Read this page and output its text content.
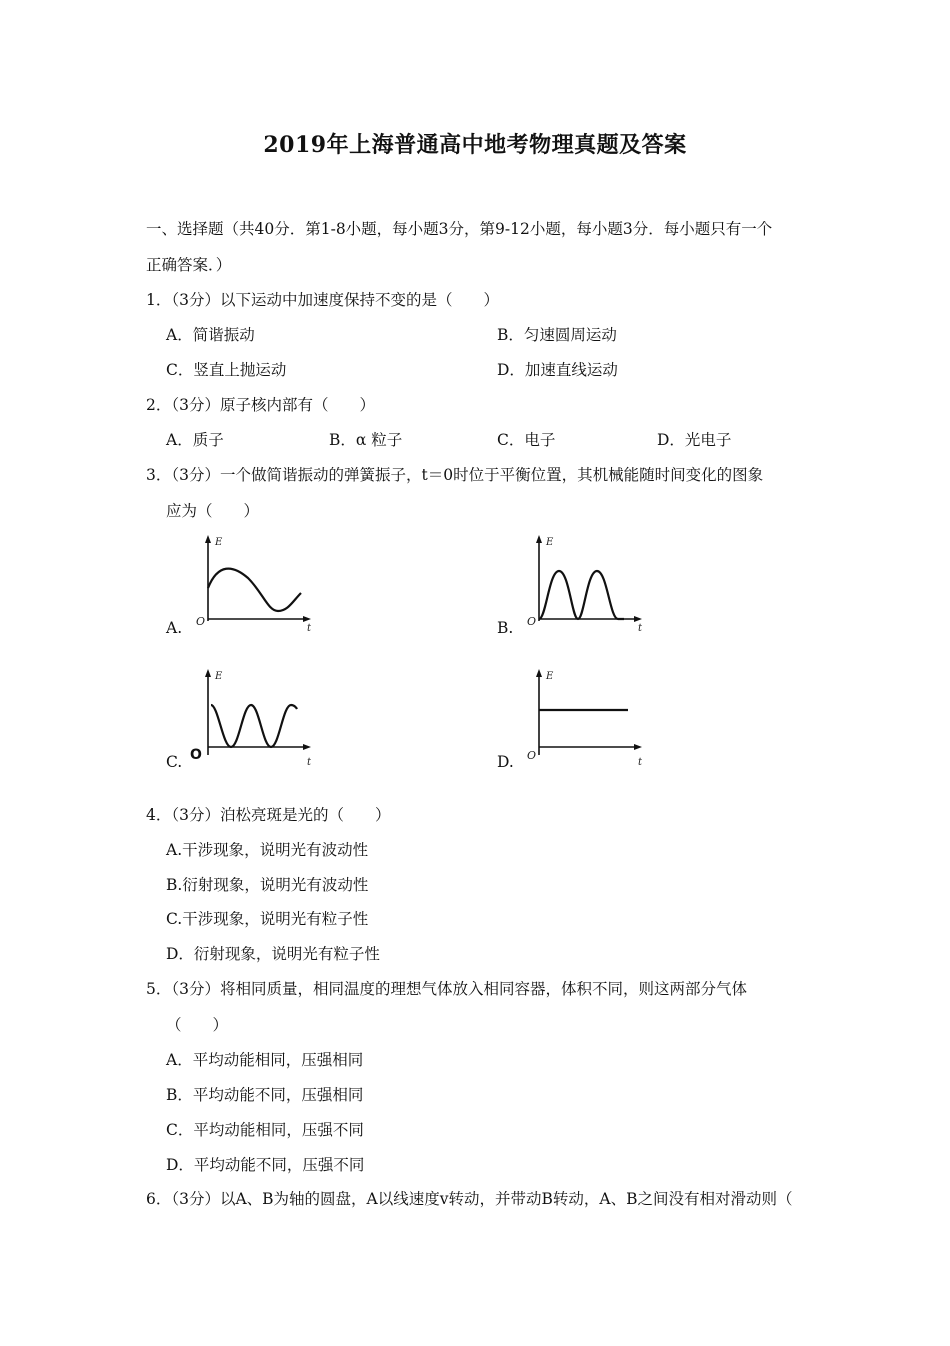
2019年上海普通高中地考物理真题及答案
一、选择题（共40分．第1-8小题，每小题3分，第9-12小题，每小题3分．每小题只有一个
正确答案．）
1．（3分）以下运动中加速度保持不变的是（　　）
A．简谐振动	B．匀速圆周运动
C．竖直上抛运动	D．加速直线运动
2．（3分）原子核内部有（　　）
A．质子	B．α 粒子	C．电子	D．光电子
3．（3分）一个做简谐振动的弹簧振子，t＝0时位于平衡位置，其机械能随时间变化的图象
应为（　　）
A.	B.
C.	D.
E
t
O
E
t
O
E
t
O
E
t
O
4．（3分）泊松亮斑是光的（　　）
A.干涉现象，说明光有波动性
B.衍射现象，说明光有波动性
C.干涉现象，说明光有粒子性
D．衍射现象，说明光有粒子性
5．（3分）将相同质量，相同温度的理想气体放入相同容器，体积不同，则这两部分气体
（　　）
A．平均动能相同，压强相同
B．平均动能不同，压强相同
C．平均动能相同，压强不同
D．平均动能不同，压强不同
6．（3分）以A、B为轴的圆盘，A以线速度v转动，并带动B转动，A、B之间没有相对滑动则（
